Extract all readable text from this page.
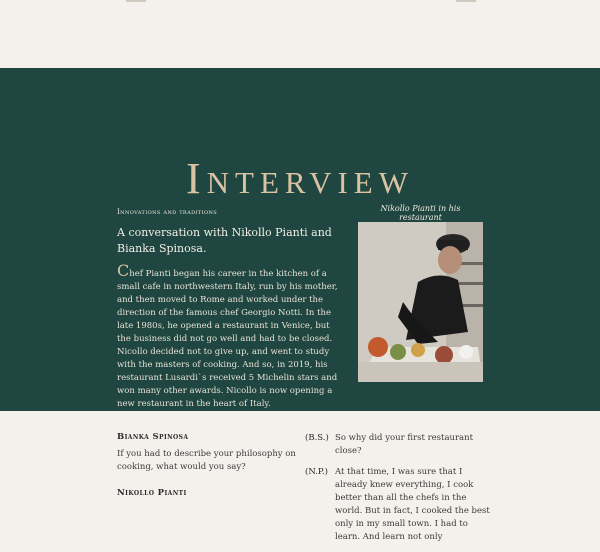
Interview
Innovations and traditions
A conversation with Nikollo Pianti and Bianka Spinosa.
Chef Pianti began his career in the kitchen of a small cafe in northwestern Italy, run by his mother, and then moved to Rome and worked under the direction of the famous chef Georgio Notti. In the late 1980s, he opened a restaurant in Venice, but the business did not go well and had to be closed. Nicollo decided not to give up, and went to study with the masters of cooking. And so, in 2019, his restaurant Lusardi`s received 5 Michelin stars and won many other awards. Nicollo is now opening a new restaurant in the heart of Italy.
Nikollo Pianti in his restaurant
Bianka Spinosa
If you had to describe your philosophy on cooking, what would you say?
Nikollo Pianti
(B.S.) So why did your first restaurant close?
(N.P.) At that time, I was sure that I already knew everything, I cook better than all the chefs in the world. But in fact, I cooked the best only in my small town. I had to learn. And learn not only
